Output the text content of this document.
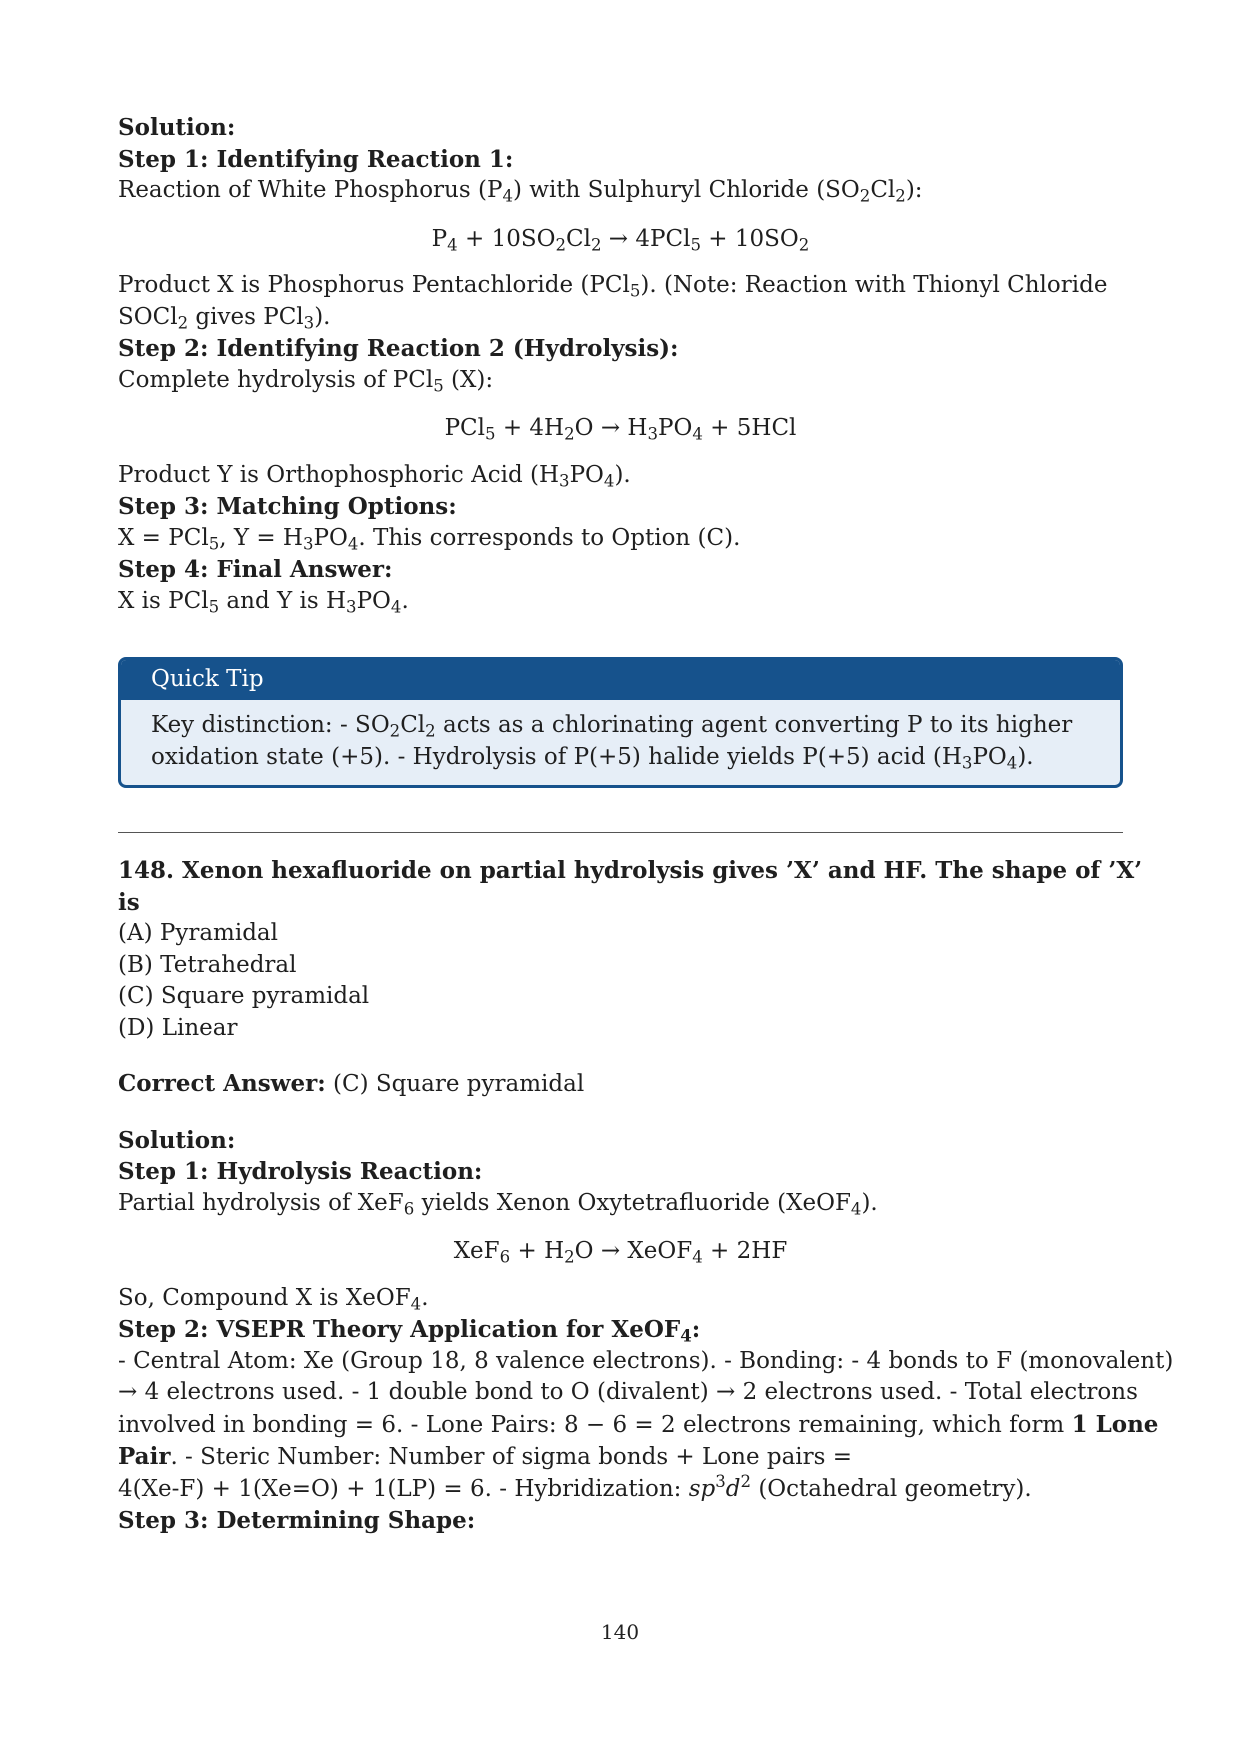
Solution:

Step 1: Identifying Reaction 1:

Reaction of White Phosphorus $(P_4)$ with Sulphuryl Chloride $(SO_2Cl_2)$:

$P_4 + 10SO_2Cl_2 \to 4PCl_5 + 10SO_2$

Product X is Phosphorus Pentachloride (PCl$_5$). (Note: Reaction with Thionyl Chloride

SOCl$_2$ gives PCl$_3$).

Step 2: Identifying Reaction 2 (Hydrolysis):

Complete hydrolysis of PCl$_5$ (X):

$PCl_5 + 4H_2O \to H_3PO_4 + 5HCl$

Product Y is Orthophosphoric Acid $(H_3PO_4)$.

Step 3: Matching Options:

X = PCl$_5$, $Y = H_3PO_4$. This corresponds to Option (C).

Step 4: Final Answer:

X is PCl$_5$ and Y is $H_3PO_4$.

Quick Tip
Key distinction: - $SO_2Cl_2$ acts as a chlorinating agent converting P to its higher oxidation state (+5). - Hydrolysis of P(+5) halide yields P(+5) acid $(H_3PO_4)$.

148. Xenon hexafluoride on partial hydrolysis gives ’X’ and HF. The shape of ’X’

is

(A) Pyramidal

(B) Tetrahedral

(C) Square pyramidal

(D) Linear

Correct Answer: (C) Square pyramidal

Solution:

Step 1: Hydrolysis Reaction:

Partial hydrolysis of XeF$_6$ yields Xenon Oxytetrafluoride (XeOF$_4$).

$XeF_6 + H_2O$ → XeOF$_4$ + 2HF

So, Compound X is XeOF$_4$.

Step 2: VSEPR Theory Application for XeOF$_4$:

- Central Atom: Xe (Group 18, 8 valence electrons). - Bonding: - 4 bonds to F (monovalent)

→ 4 electrons used. - 1 double bond to O (divalent) → 2 electrons used. - Total electrons

involved in bonding = 6. - Lone Pairs: 8 − 6 = 2 electrons remaining, which form 1 Lone

Pair. - Steric Number: Number of sigma bonds + Lone pairs =

4(Xe-F) + 1(Xe=O) + 1(LP) = 6. - Hybridization: $sp^3d^2$ (Octahedral geometry).

Step 3: Determining Shape:

140
